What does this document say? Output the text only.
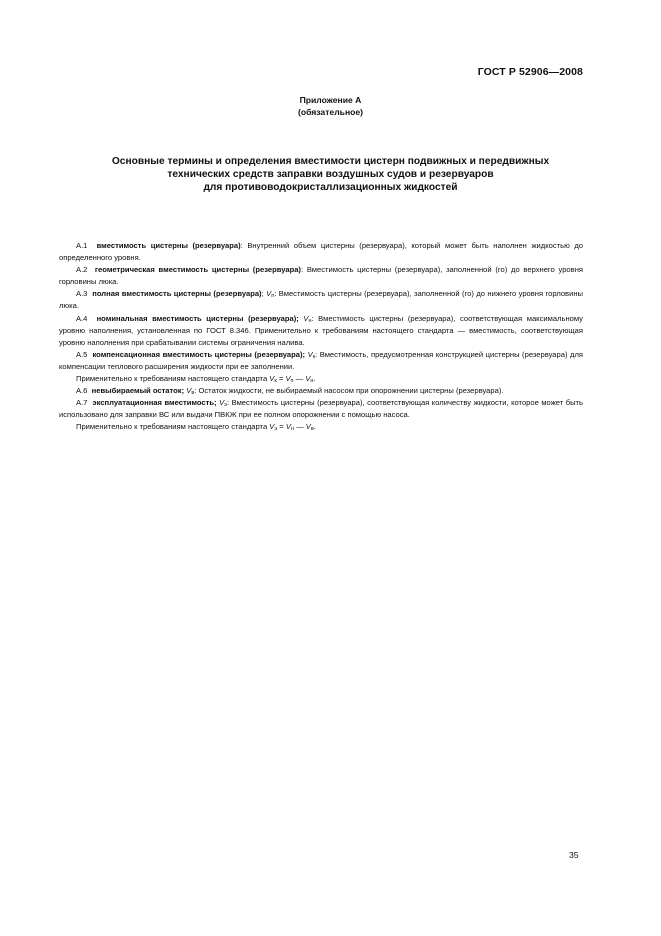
ГОСТ Р 52906—2008
Приложение А
(обязательное)
Основные термины и определения вместимости цистерн подвижных и передвижных
технических средств заправки воздушных судов и резервуаров
для противоводокристаллизационных жидкостей

А.1 вместимость цистерны (резервуара): Внутренний объем цистерны (резервуара), который может быть наполнен жидкостью до определенного уровня.

А.2 геометрическая вместимость цистерны (резервуара): Вместимость цистерны (резервуара), заполненной (го) до верхнего уровня горловины люка.

А.3 полная вместимость цистерны (резервуара); $V_п$: Вместимость цистерны (резервуара), заполненной (го) до нижнего уровня горловины люка.

А.4 номинальная вместимость цистерны (резервуара); $V_н$: Вместимость цистерны (резервуара), соответствующая максимальному уровню наполнения, установленная по ГОСТ 8.346. Применительно к требованиям настоящего стандарта — вместимость, соответствующая уровню наполнения при срабатывании системы ограничения налива.

А.5 компенсационная вместимость цистерны (резервуара); $V_к$: Вместимость, предусмотренная конструкцией цистерны (резервуара) для компенсации теплового расширения жидкости при ее заполнении.

Применительно к требованиям настоящего стандарта $V_к = V_п$ — $V_н$.

А.6 невыбираемый остаток; $V_в$: Остаток жидкости, не выбираемый насосом при опорожнении цистерны (резервуара).

А.7 эксплуатационная вместимость; $V_э$: Вместимость цистерны (резервуара), соответствующая количеству жидкости, которое может быть использовано для заправки ВС или выдачи ПВКЖ при ее полном опорожнении с помощью насоса.

Применительно к требованиям настоящего стандарта $V_э = V_н$ — $V_в$.

35
